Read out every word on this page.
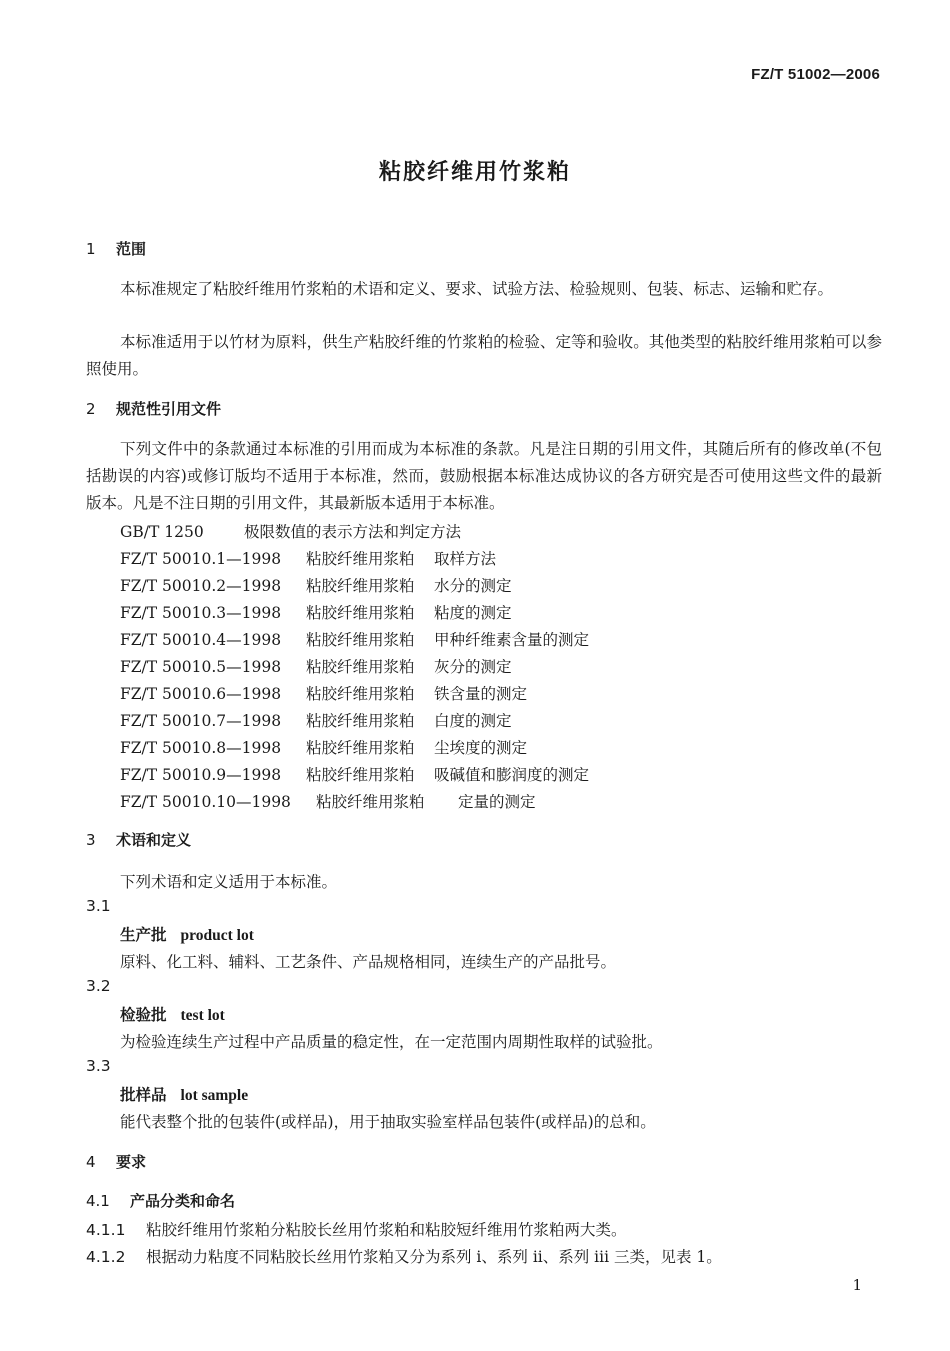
FZ/T 51002—2006
粘胶纤维用竹浆粕
1 范围
本标准规定了粘胶纤维用竹浆粕的术语和定义、要求、试验方法、检验规则、包装、标志、运输和贮存。
本标准适用于以竹材为原料，供生产粘胶纤维的竹浆粕的检验、定等和验收。其他类型的粘胶纤维用浆粕可以参照使用。
2 规范性引用文件
下列文件中的条款通过本标准的引用而成为本标准的条款。凡是注日期的引用文件，其随后所有的修改单(不包括勘误的内容)或修订版均不适用于本标准，然而，鼓励根据本标准达成协议的各方研究是否可使用这些文件的最新版本。凡是不注日期的引用文件，其最新版本适用于本标准。
GB/T 1250	极限数值的表示方法和判定方法
FZ/T 50010.1—1998 粘胶纤维用浆粕 取样方法
FZ/T 50010.2—1998 粘胶纤维用浆粕 水分的测定
FZ/T 50010.3—1998 粘胶纤维用浆粕 粘度的测定
FZ/T 50010.4—1998 粘胶纤维用浆粕 甲种纤维素含量的测定
FZ/T 50010.5—1998 粘胶纤维用浆粕 灰分的测定
FZ/T 50010.6—1998 粘胶纤维用浆粕 铁含量的测定
FZ/T 50010.7—1998 粘胶纤维用浆粕 白度的测定
FZ/T 50010.8—1998 粘胶纤维用浆粕 尘埃度的测定
FZ/T 50010.9—1998 粘胶纤维用浆粕 吸碱值和膨润度的测定
FZ/T 50010.10—1998 粘胶纤维用浆粕 定量的测定
3 术语和定义
下列术语和定义适用于本标准。
3.1
生产批 product lot
原料、化工料、辅料、工艺条件、产品规格相同，连续生产的产品批号。
3.2
检验批 test lot
为检验连续生产过程中产品质量的稳定性，在一定范围内周期性取样的试验批。
3.3
批样品 lot sample
能代表整个批的包装件(或样品)，用于抽取实验室样品包装件(或样品)的总和。
4 要求
4.1 产品分类和命名
4.1.1 粘胶纤维用竹浆粕分粘胶长丝用竹浆粕和粘胶短纤维用竹浆粕两大类。
4.1.2 根据动力粘度不同粘胶长丝用竹浆粕又分为系列 i、系列 ii、系列 iii 三类，见表 1。
1
